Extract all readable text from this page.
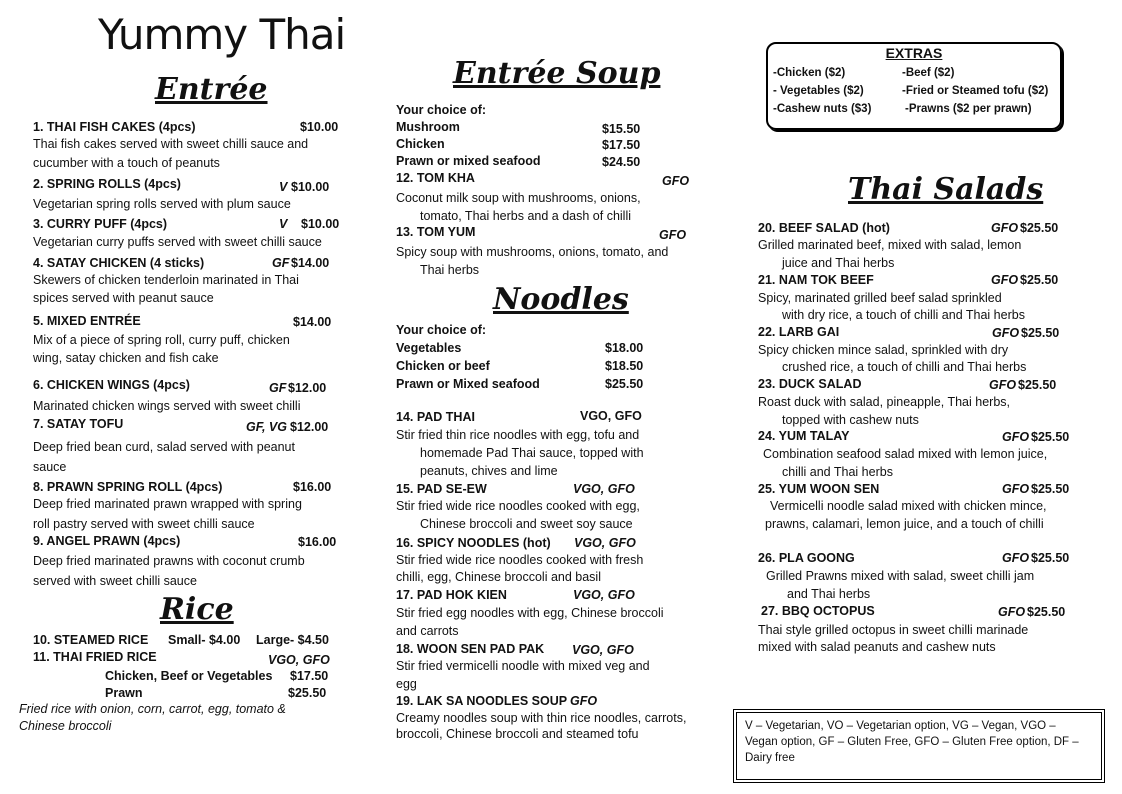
Yummy Thai
Entrée
1. THAI FISH CAKES (4pcs)	$10.00
Thai fish cakes served with sweet chilli sauce and
cucumber with a touch of peanuts
2. SPRING ROLLS (4pcs)	V $10.00
Vegetarian spring rolls served with plum sauce
3. CURRY PUFF (4pcs)	V $10.00
Vegetarian curry puffs served with sweet chilli sauce
4. SATAY CHICKEN (4 sticks)	GF $14.00
Skewers of chicken tenderloin marinated in Thai
spices served with peanut sauce
5. MIXED ENTRÉE	$14.00
Mix of a piece of spring roll, curry puff, chicken
wing, satay chicken and fish cake
6. CHICKEN WINGS (4pcs)	GF $12.00
Marinated chicken wings served with sweet chilli
7. SATAY TOFU	GF, VG $12.00
Deep fried bean curd, salad served with peanut
sauce
8. PRAWN SPRING ROLL (4pcs)	$16.00
Deep fried marinated prawn wrapped with spring
roll pastry served with sweet chilli sauce
9. ANGEL PRAWN (4pcs)	$16.00
Deep fried marinated prawns with coconut crumb
served with sweet chilli sauce
Rice
10. STEAMED RICE Small- $4.00 Large- $4.50
11. THAI FRIED RICE	VGO, GFO
Chicken, Beef or Vegetables $17.50
Prawn	$25.50
Fried rice with onion, corn, carrot, egg, tomato &
Chinese broccoli
Entrée Soup
Your choice of:
Mushroom	$15.50
Chicken	$17.50
Prawn or mixed seafood	$24.50
12. TOM KHA	GFO
Coconut milk soup with mushrooms, onions,
tomato, Thai herbs and a dash of chilli
13. TOM YUM	GFO
Spicy soup with mushrooms, onions, tomato, and
Thai herbs
Noodles
Your choice of:
Vegetables	$18.00
Chicken or beef	$18.50
Prawn or Mixed seafood	$25.50
14. PAD THAI	VGO, GFO
Stir fried thin rice noodles with egg, tofu and
homemade Pad Thai sauce, topped with
peanuts, chives and lime
15. PAD SE-EW	VGO, GFO
Stir fried wide rice noodles cooked with egg,
Chinese broccoli and sweet soy sauce
16. SPICY NOODLES (hot) VGO, GFO
Stir fried wide rice noodles cooked with fresh
chilli, egg, Chinese broccoli and basil
17. PAD HOK KIEN	VGO, GFO
Stir fried egg noodles with egg, Chinese broccoli
and carrots
18. WOON SEN PAD PAK VGO, GFO
Stir fried vermicelli noodle with mixed veg and
egg
19. LAK SA NOODLES SOUP GFO
Creamy noodles soup with thin rice noodles, carrots,
broccoli, Chinese broccoli and steamed tofu
EXTRAS
-Chicken ($2)
- Vegetables ($2)
-Cashew nuts ($3)
-Beef ($2)
-Fried or Steamed tofu ($2)
-Prawns ($2 per prawn)
Thai Salads
20. BEEF SALAD (hot)	GFO $25.50
Grilled marinated beef, mixed with salad, lemon
juice and Thai herbs
21. NAM TOK BEEF	GFO $25.50
Spicy, marinated grilled beef salad sprinkled
with dry rice, a touch of chilli and Thai herbs
22. LARB GAI	GFO $25.50
Spicy chicken mince salad, sprinkled with dry
crushed rice, a touch of chilli and Thai herbs
23. DUCK SALAD	GFO $25.50
Roast duck with salad, pineapple, Thai herbs,
topped with cashew nuts
24. YUM TALAY	GFO $25.50
Combination seafood salad mixed with lemon juice,
chilli and Thai herbs
25. YUM WOON SEN	GFO $25.50
Vermicelli noodle salad mixed with chicken mince,
prawns, calamari, lemon juice, and a touch of chilli
26. PLA GOONG	GFO $25.50
Grilled Prawns mixed with salad, sweet chilli jam
and Thai herbs
27. BBQ OCTOPUS	GFO $25.50
Thai style grilled octopus in sweet chilli marinade
mixed with salad peanuts and cashew nuts
V – Vegetarian, VO – Vegetarian option, VG – Vegan, VGO – Vegan option, GF – Gluten Free, GFO – Gluten Free option, DF – Dairy free
